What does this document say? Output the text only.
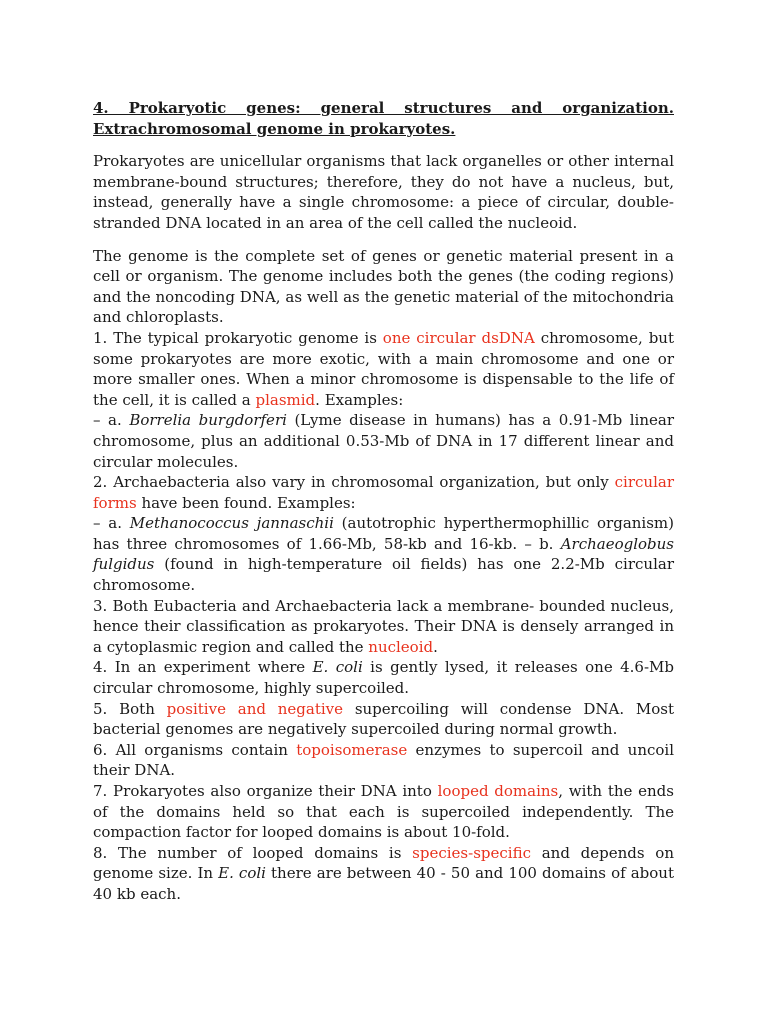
4. Prokaryotic genes: general structures and organization.
Extrachromosomal genome in prokaryotes.

Prokaryotes are unicellular organisms that lack organelles or other internal membrane-bound structures; therefore, they do not have a nucleus, but, instead, generally have a single chromosome: a piece of circular, double-stranded DNA located in an area of the cell called the nucleoid.

The genome is the complete set of genes or genetic material present in a cell or organism. The genome includes both the genes (the coding regions) and the noncoding DNA, as well as the genetic material of the mitochondria and chloroplasts.

1. The typical prokaryotic genome is one circular dsDNA chromosome, but some prokaryotes are more exotic, with a main chromosome and one or more smaller ones. When a minor chromosome is dispensable to the life of the cell, it is called a plasmid. Examples:

– a. Borrelia burgdorferi (Lyme disease in humans) has a 0.91-Mb linear chromosome, plus an additional 0.53-Mb of DNA in 17 different linear and circular molecules.

2. Archaebacteria also vary in chromosomal organization, but only circular forms have been found. Examples:

– a. Methanococcus jannaschii (autotrophic hyperthermophillic organism) has three chromosomes of 1.66-Mb, 58-kb and 16-kb. – b. Archaeoglobus fulgidus (found in high-temperature oil fields) has one 2.2-Mb circular chromosome.

3. Both Eubacteria and Archaebacteria lack a membrane- bounded nucleus, hence their classification as prokaryotes. Their DNA is densely arranged in a cytoplasmic region and called the nucleoid.

4. In an experiment where E. coli is gently lysed, it releases one 4.6-Mb circular chromosome, highly supercoiled.

5. Both positive and negative supercoiling will condense DNA. Most bacterial genomes are negatively supercoiled during normal growth.

6. All organisms contain topoisomerase enzymes to supercoil and uncoil their DNA.

7. Prokaryotes also organize their DNA into looped domains, with the ends of the domains held so that each is supercoiled independently. The compaction factor for looped domains is about 10-fold.

8. The number of looped domains is species-specific and depends on genome size. In E. coli there are between 40 - 50 and 100 domains of about 40 kb each.
